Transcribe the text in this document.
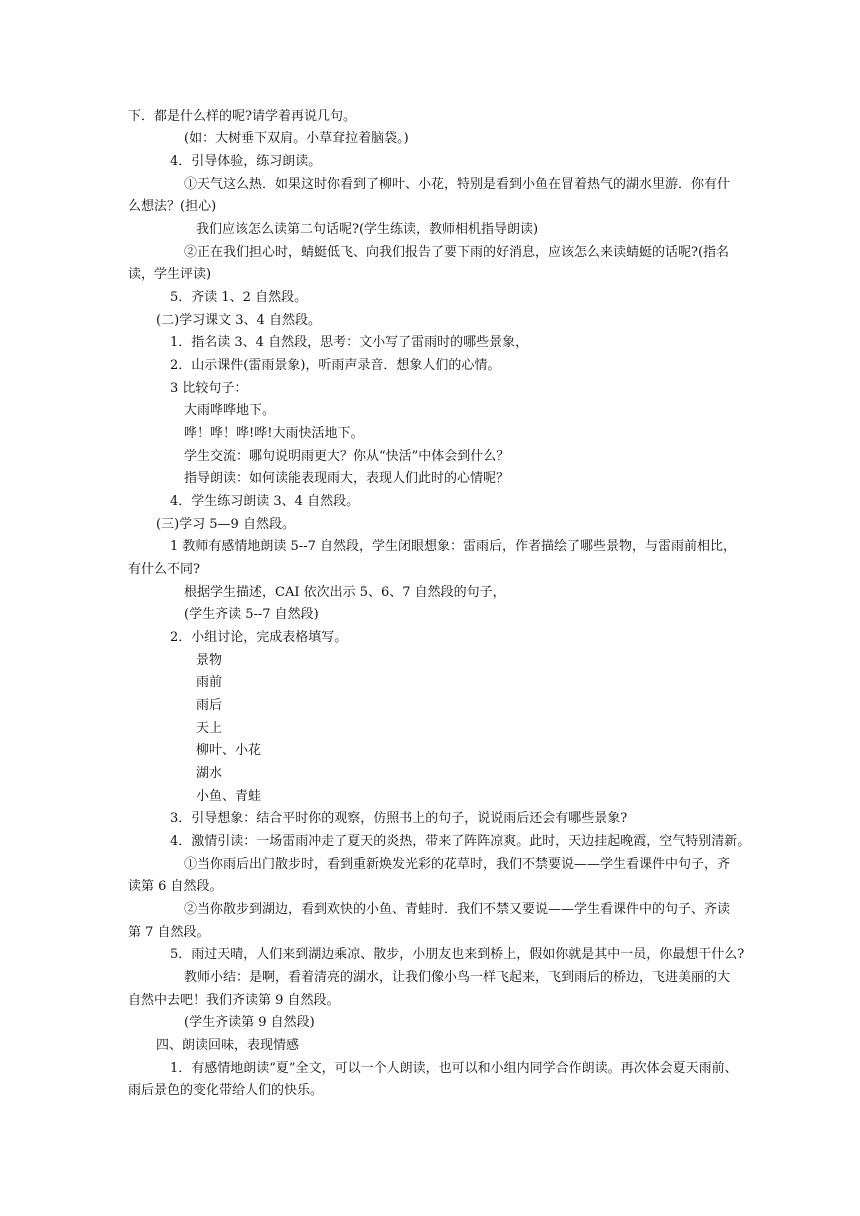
下．都是什么样的呢?请学着再说几句。
(如：大树垂下双肩。小草耷拉着脑袋。)
4．引导体验，练习朗读。
①天气这么热．如果这时你看到了柳叶、小花，特别是看到小鱼在冒着热气的湖水里游．你有什
么想法？(担心)
我们应该怎么读第二句话呢?(学生练读，教师相机指导朗读)
②正在我们担心时，蜻蜓低飞、向我们报告了要下雨的好消息，应该怎么来读蜻蜓的话呢?(指名
读，学生评读)
5．齐读 1、2 自然段。
(二)学习课文 3、4 自然段。
1．指名读 3、4 自然段，思考：文小写了雷雨时的哪些景象，
2．山示课件(雷雨景象)，听雨声录音．想象人们的心情。
3 比较句子：
大雨哗哗地下。
哗！哗！哗!哗!大雨快活地下。
学生交流：哪句说明雨更大？你从“快活”中体会到什么？
指导朗读：如何读能表现雨大，表现人们此时的心情呢？
4．学生练习朗读 3、4 自然段。
(三)学习 5—9 自然段。
1 教师有感情地朗读 5--7 自然段，学生闭眼想象：雷雨后，作者描绘了哪些景物，与雷雨前相比，
有什么不同?
根据学生描述，CAI 依次出示 5、6、7 自然段的句子，
(学生齐读 5--7 自然段)
2．小组讨论，完成表格填写。
景物
雨前
雨后
天上
柳叶、小花
湖水
小鱼、青蛙
3．引导想象：结合平时你的观察，仿照书上的句子，说说雨后还会有哪些景象?
4．激情引读：一场雷雨冲走了夏天的炎热，带来了阵阵凉爽。此时，天边挂起晚霞，空气特别清新。
①当你雨后出门散步时，看到重新焕发光彩的花草时，我们不禁要说——学生看课件中句子，齐
读第 6 自然段。
②当你散步到湖边，看到欢快的小鱼、青蛙时．我们不禁又要说——学生看课件中的句子、齐读
第 7 自然段。
5．雨过天晴，人们来到湖边乘凉、散步，小朋友也来到桥上，假如你就是其中一员，你最想干什么?
教师小结：是啊，看着清亮的湖水，让我们像小鸟一样飞起来，飞到雨后的桥边，飞进美丽的大
自然中去吧！我们齐读第 9 自然段。
(学生齐读第 9 自然段)
四、朗读回味，表现情感
1．有感情地朗读“夏”全文，可以一个人朗读，也可以和小组内同学合作朗读。再次体会夏天雨前、
雨后景色的变化带给人们的快乐。
